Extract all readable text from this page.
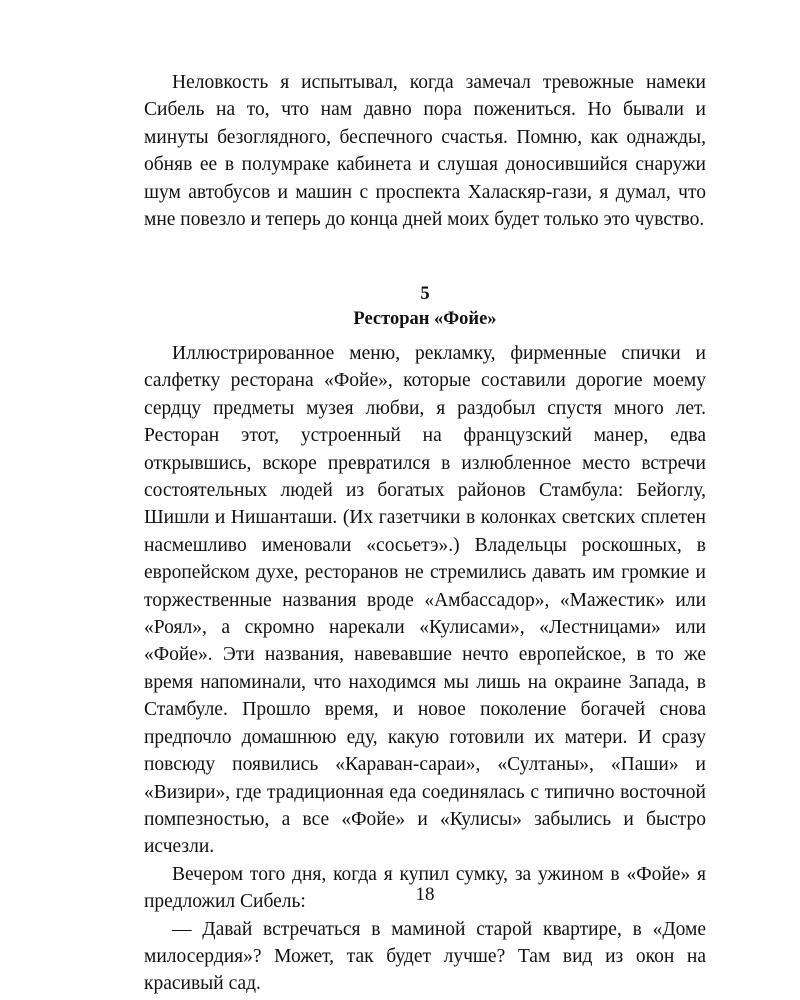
Неловкость я испытывал, когда замечал тревожные намеки Сибель на то, что нам давно пора пожениться. Но бывали и минуты безоглядного, беспечного счастья. Помню, как однажды, обняв ее в полумраке кабинета и слушая доносившийся снаружи шум автобусов и машин с проспекта Халаскяр-гази, я думал, что мне повезло и теперь до конца дней моих будет только это чувство.

5
Ресторан «Фойе»

Иллюстрированное меню, рекламку, фирменные спички и салфетку ресторана «Фойе», которые составили дорогие моему сердцу предметы музея любви, я раздобыл спустя много лет. Ресторан этот, устроенный на французский манер, едва открывшись, вскоре превратился в излюбленное место встречи состоятельных людей из богатых районов Стамбула: Бейоглу, Шишли и Нишанташи. (Их газетчики в колонках светских сплетен насмешливо именовали «сосьетэ».) Владельцы роскошных, в европейском духе, ресторанов не стремились давать им громкие и торжественные названия вроде «Амбассадор», «Мажестик» или «Роял», а скромно нарекали «Кулисами», «Лестницами» или «Фойе». Эти названия, навевавшие нечто европейское, в то же время напоминали, что находимся мы лишь на окраине Запада, в Стамбуле. Прошло время, и новое поколение богачей снова предпочло домашнюю еду, какую готовили их матери. И сразу повсюду появились «Караван-сараи», «Султаны», «Паши» и «Визири», где традиционная еда соединялась с типично восточной помпезностью, а все «Фойе» и «Кулисы» забылись и быстро исчезли.

Вечером того дня, когда я купил сумку, за ужином в «Фойе» я предложил Сибель:

— Давай встречаться в маминой старой квартире, в «Доме милосердия»? Может, так будет лучше? Там вид из окон на красивый сад.

18
